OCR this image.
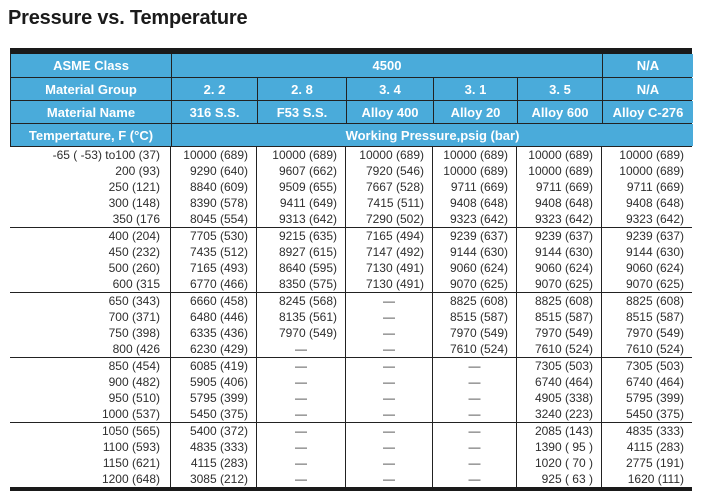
Pressure vs. Temperature
ASME Class	4500	N/A
Material Group	2. 2	2. 8	3. 4	3. 1	3. 5	N/A
Material Name	316 S.S.	F53 S.S.	Alloy 400	Alloy 20	Alloy 600	Alloy C-276
Tempertature, F (°C)	Working Pressure,psig (bar)
-65 ( -53) to100 (37)	10000 (689)	10000 (689)	10000 (689)	10000 (689)	10000 (689)	10000 (689)
200 (93)	9290 (640)	9607 (662)	7920 (546)	10000 (689)	10000 (689)	10000 (689)
250 (121)	8840 (609)	9509 (655)	7667 (528)	9711 (669)	9711 (669)	9711 (669)
300 (148)	8390 (578)	9411 (649)	7415 (511)	9408 (648)	9408 (648)	9408 (648)
350 (176	8045 (554)	9313 (642)	7290 (502)	9323 (642)	9323 (642)	9323 (642)
400 (204)	7705 (530)	9215 (635)	7165 (494)	9239 (637)	9239 (637)	9239 (637)
450 (232)	7435 (512)	8927 (615)	7147 (492)	9144 (630)	9144 (630)	9144 (630)
500 (260)	7165 (493)	8640 (595)	7130 (491)	9060 (624)	9060 (624)	9060 (624)
600 (315	6770 (466)	8350 (575)	7130 (491)	9070 (625)	9070 (625)	9070 (625)
650 (343)	6660 (458)	8245 (568)	—	8825 (608)	8825 (608)	8825 (608)
700 (371)	6480 (446)	8135 (561)	—	8515 (587)	8515 (587)	8515 (587)
750 (398)	6335 (436)	7970 (549)	—	7970 (549)	7970 (549)	7970 (549)
800 (426	6230 (429)	—	—	7610 (524)	7610 (524)	7610 (524)
850 (454)	6085 (419)	—	—	—	7305 (503)	7305 (503)
900 (482)	5905 (406)	—	—	—	6740 (464)	6740 (464)
950 (510)	5795 (399)	—	—	—	4905 (338)	5795 (399)
1000 (537)	5450 (375)	—	—	—	3240 (223)	5450 (375)
1050 (565)	5400 (372)	—	—	—	2085 (143)	4835 (333)
1100 (593)	4835 (333)	—	—	—	1390 ( 95 )	4115 (283)
1150 (621)	4115 (283)	—	—	—	1020 ( 70 )	2775 (191)
1200 (648)	3085 (212)	—	—	—	925 ( 63 )	1620 (111)
